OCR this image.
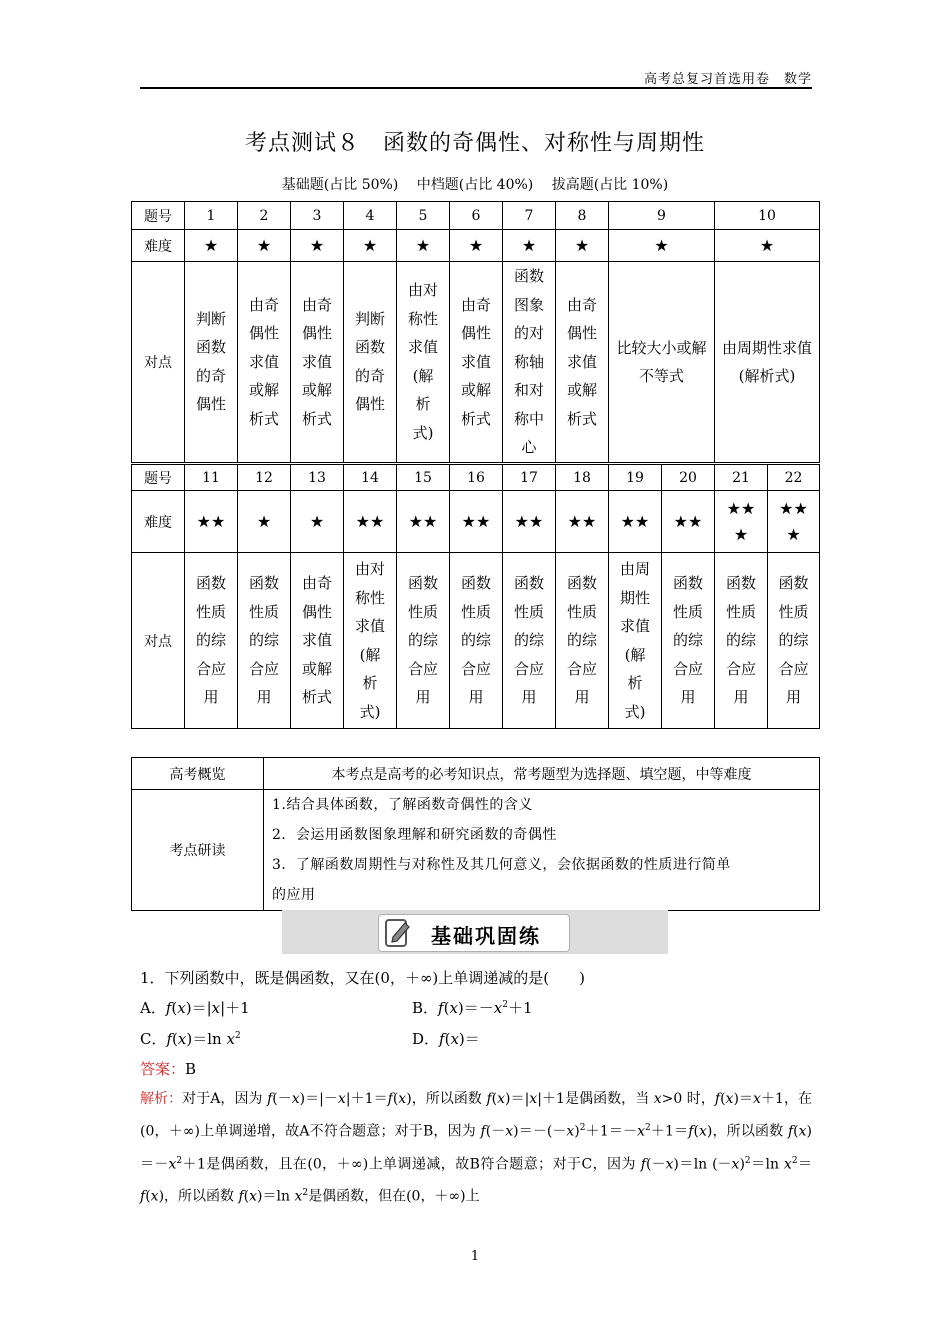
高考总复习首选用卷　数学
考点测试８　函数的奇偶性、对称性与周期性
基础题(占比 50%) 中档题(占比 40%) 拔高题(占比 10%)
题号	1	2	3	4	5	6	7	8	9	10
难度	★	★	★	★	★	★	★	★	★	★
对点	判断函数的奇偶性	由奇偶性求值或解析式	由奇偶性求值或解析式	判断函数的奇偶性	由对称性求值(解析式)	由奇偶性求值或解析式	函数图象的对称轴和对称中心	由奇偶性求值或解析式	比较大小或解不等式	由周期性求值(解析式)
题号	11	12	13	14	15	16	17	18	19	20	21	22
难度	★★	★	★	★★	★★	★★	★★	★★	★★	★★	★★★	★★★
对点	函数性质的综合应用	函数性质的综合应用	由奇偶性求值或解析式	由对称性求值(解析式)	函数性质的综合应用	函数性质的综合应用	函数性质的综合应用	函数性质的综合应用	由周期性求值(解析式)	函数性质的综合应用	函数性质的综合应用	函数性质的综合应用
高考概览	本考点是高考的必考知识点，常考题型为选择题、填空题，中等难度
考点研读	1.结合具体函数，了解函数奇偶性的含义
2．会运用函数图象理解和研究函数的奇偶性
3．了解函数周期性与对称性及其几何意义，会依据函数的性质进行简单
的应用
基础巩固练
1．下列函数中，既是偶函数，又在(0，＋∞)上单调递减的是(　　)
A．f(x)＝|x|＋1	B．$f(x)=-x^2+1$
C．f(x)＝ln $x^2$	D．f(x)＝
答案：B
解析：对于A，因为 f(－x)＝|－x|＋1＝f(x)，所以函数 f(x)＝|x|＋1是偶函数，当 x>0 时，f(x)＝x＋1，在(0，＋∞)上单调递增，故A不符合题意；对于B，因为 $f(-x)=-(-x)^2+1=-x^2+1=f(x)$，所以函数 $f(x)=-x^2+1$是偶函数，且在(0，＋∞)上单调递减，故B符合题意；对于C，因为 f(－x)＝ln $(-x)^2=\ln$ $x^2=f(x)$，所以函数 f(x)＝ln $x^2$是偶函数，但在(0，＋∞)上
1
